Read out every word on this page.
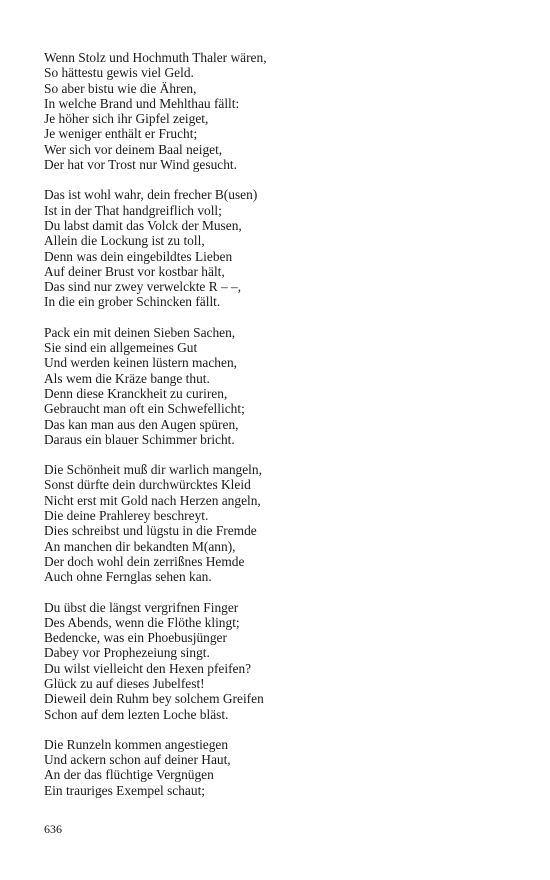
Wenn Stolz und Hochmuth Thaler wären,
So hättestu gewis viel Geld.
So aber bistu wie die Ähren,
In welche Brand und Mehlthau fällt:
Je höher sich ihr Gipfel zeiget,
Je weniger enthält er Frucht;
Wer sich vor deinem Baal neiget,
Der hat vor Trost nur Wind gesucht.
Das ist wohl wahr, dein frecher B(usen)
Ist in der That handgreiflich voll;
Du labst damit das Volck der Musen,
Allein die Lockung ist zu toll,
Denn was dein eingebildtes Lieben
Auf deiner Brust vor kostbar hält,
Das sind nur zwey verwelckte R – –,
In die ein grober Schincken fällt.
Pack ein mit deinen Sieben Sachen,
Sie sind ein allgemeines Gut
Und werden keinen lüstern machen,
Als wem die Kräze bange thut.
Denn diese Kranckheit zu curiren,
Gebraucht man oft ein Schwefellicht;
Das kan man aus den Augen spüren,
Daraus ein blauer Schimmer bricht.
Die Schönheit muß dir warlich mangeln,
Sonst dürfte dein durchwürcktes Kleid
Nicht erst mit Gold nach Herzen angeln,
Die deine Prahlerey beschreyt.
Dies schreibst und lügstu in die Fremde
An manchen dir bekandten M(ann),
Der doch wohl dein zerrißnes Hemde
Auch ohne Fernglas sehen kan.
Du übst die längst vergrifnen Finger
Des Abends, wenn die Flöthe klingt;
Bedencke, was ein Phoebusjünger
Dabey vor Prophezeiung singt.
Du wilst vielleicht den Hexen pfeifen?
Glück zu auf dieses Jubelfest!
Dieweil dein Ruhm bey solchem Greifen
Schon auf dem lezten Loche bläst.
Die Runzeln kommen angestiegen
Und ackern schon auf deiner Haut,
An der das flüchtige Vergnügen
Ein trauriges Exempel schaut;
636
